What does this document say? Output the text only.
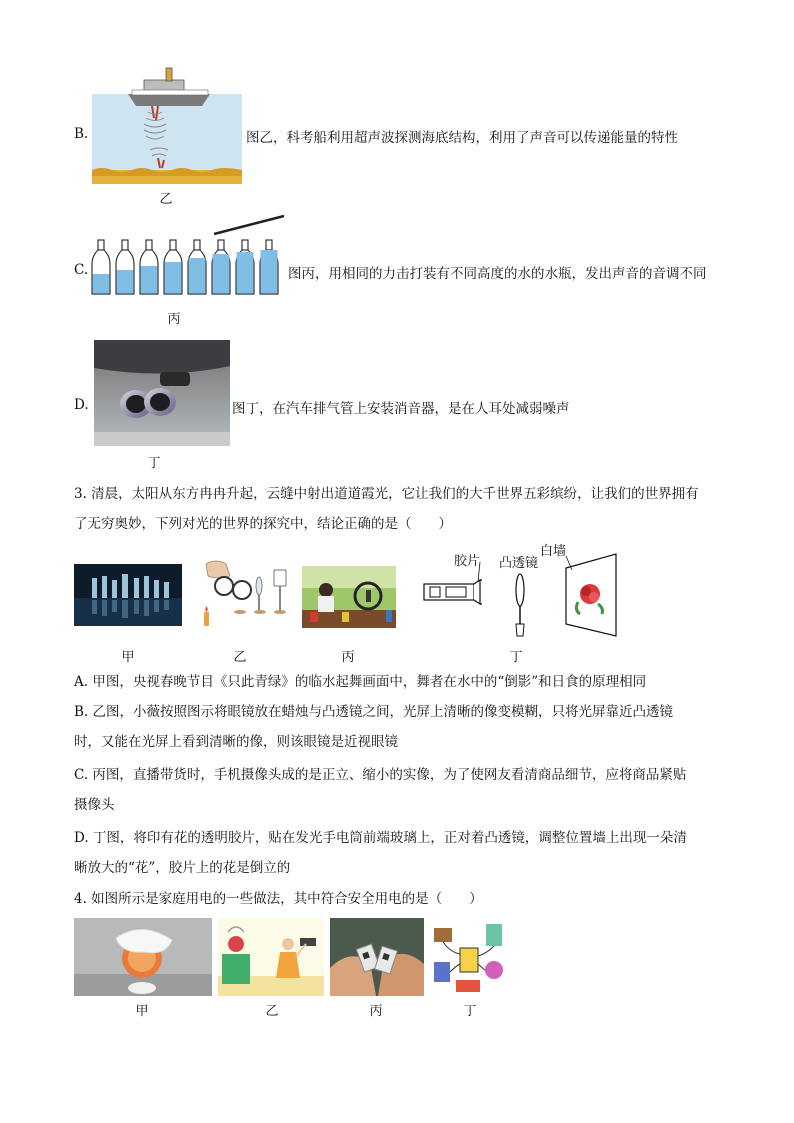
B.	图乙，科考船利用超声波探测海底结构，利用了声音可以传递能量的特性
乙
C.	图丙，用相同的力击打装有不同高度的水的水瓶，发出声音的音调不同
丙
D.	图丁，在汽车排气管上安装消音器，是在人耳处减弱噪声
丁
3. 清晨，太阳从东方冉冉升起，云缝中射出道道霞光，它让我们的大千世界五彩缤纷，让我们的世界拥有
了无穷奥妙，下列对光的世界的探究中，结论正确的是（　　）
胶片 凸透镜
白墙
甲	乙	丙	丁
A. 甲图，央视春晚节目《只此青绿》的临水起舞画面中，舞者在水中的“倒影”和日食的原理相同
B. 乙图，小薇按照图示将眼镜放在蜡烛与凸透镜之间，光屏上清晰的像变模糊，只将光屏靠近凸透镜
时，又能在光屏上看到清晰的像，则该眼镜是近视眼镜
C. 丙图，直播带货时，手机摄像头成的是正立、缩小的实像，为了使网友看清商品细节，应将商品紧贴
摄像头
D. 丁图，将印有花的透明胶片，贴在发光手电筒前端玻璃上，正对着凸透镜，调整位置墙上出现一朵清
晰放大的“花”，胶片上的花是倒立的
4. 如图所示是家庭用电的一些做法，其中符合安全用电的是（　　）
甲	乙	丙	丁
